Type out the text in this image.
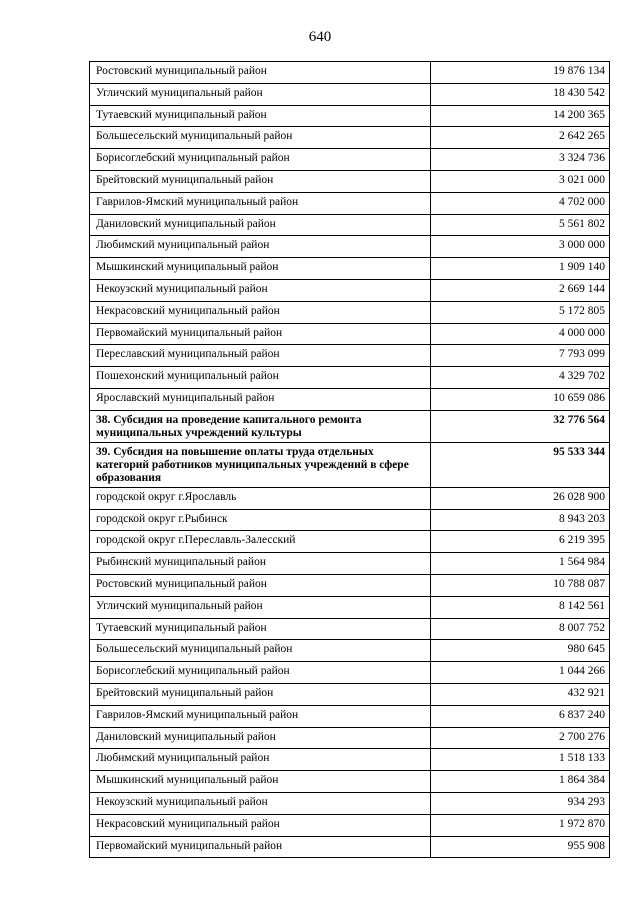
640
Ростовский муниципальный район	19 876 134
Угличский муниципальный район	18 430 542
Тутаевский муниципальный район	14 200 365
Большесельский муниципальный район	2 642 265
Борисоглебский муниципальный район	3 324 736
Брейтовский муниципальный район	3 021 000
Гаврилов-Ямский муниципальный район	4 702 000
Даниловский муниципальный район	5 561 802
Любимский муниципальный район	3 000 000
Мышкинский муниципальный район	1 909 140
Некоузский муниципальный район	2 669 144
Некрасовский муниципальный район	5 172 805
Первомайский муниципальный район	4 000 000
Переславский муниципальный район	7 793 099
Пошехонский муниципальный район	4 329 702
Ярославский муниципальный район	10 659 086
38. Субсидия на проведение капитального ремонта муниципальных учреждений культуры	32 776 564
39. Субсидия на повышение оплаты труда отдельных категорий работников муниципальных учреждений в сфере образования	95 533 344
городской округ г.Ярославль	26 028 900
городской округ г.Рыбинск	8 943 203
городской округ г.Переславль-Залесский	6 219 395
Рыбинский муниципальный район	1 564 984
Ростовский муниципальный район	10 788 087
Угличский муниципальный район	8 142 561
Тутаевский муниципальный район	8 007 752
Большесельский муниципальный район	980 645
Борисоглебский муниципальный район	1 044 266
Брейтовский муниципальный район	432 921
Гаврилов-Ямский муниципальный район	6 837 240
Даниловский муниципальный район	2 700 276
Любимский муниципальный район	1 518 133
Мышкинский муниципальный район	1 864 384
Некоузский муниципальный район	934 293
Некрасовский муниципальный район	1 972 870
Первомайский муниципальный район	955 908
